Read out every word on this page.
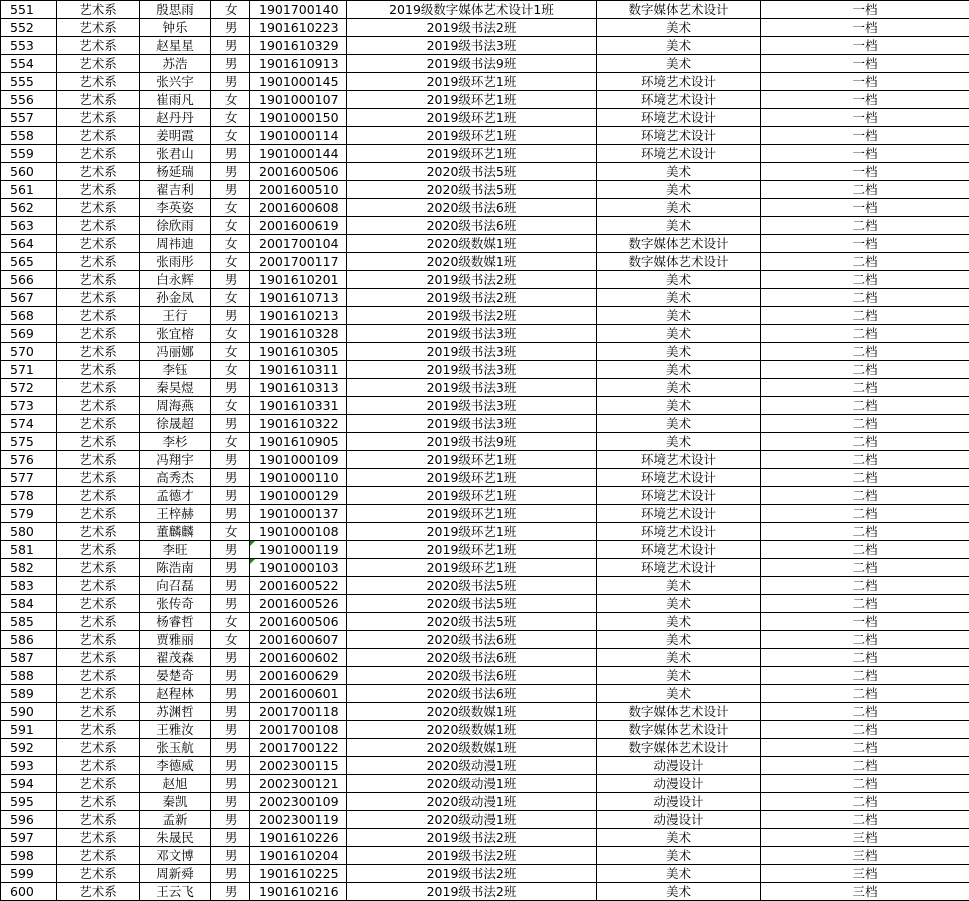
551	艺术系	殷思雨	女	1901700140	2019级数字媒体艺术设计1班	数字媒体艺术设计	一档
552	艺术系	钟乐	男	1901610223	2019级书法2班	美术	一档
553	艺术系	赵星星	男	1901610329	2019级书法3班	美术	一档
554	艺术系	苏浩	男	1901610913	2019级书法9班	美术	一档
555	艺术系	张兴宇	男	1901000145	2019级环艺1班	环境艺术设计	一档
556	艺术系	崔雨凡	女	1901000107	2019级环艺1班	环境艺术设计	一档
557	艺术系	赵丹丹	女	1901000150	2019级环艺1班	环境艺术设计	一档
558	艺术系	姜明霞	女	1901000114	2019级环艺1班	环境艺术设计	一档
559	艺术系	张君山	男	1901000144	2019级环艺1班	环境艺术设计	一档
560	艺术系	杨延瑞	男	2001600506	2020级书法5班	美术	一档
561	艺术系	翟吉利	男	2001600510	2020级书法5班	美术	二档
562	艺术系	李英姿	女	2001600608	2020级书法6班	美术	一档
563	艺术系	徐欣雨	女	2001600619	2020级书法6班	美术	二档
564	艺术系	周祎迪	女	2001700104	2020级数媒1班	数字媒体艺术设计	一档
565	艺术系	张雨彤	女	2001700117	2020级数媒1班	数字媒体艺术设计	二档
566	艺术系	白永辉	男	1901610201	2019级书法2班	美术	二档
567	艺术系	孙金凤	女	1901610713	2019级书法2班	美术	二档
568	艺术系	王行	男	1901610213	2019级书法2班	美术	二档
569	艺术系	张宜榕	女	1901610328	2019级书法3班	美术	二档
570	艺术系	冯丽娜	女	1901610305	2019级书法3班	美术	二档
571	艺术系	李钰	女	1901610311	2019级书法3班	美术	二档
572	艺术系	秦昊煜	男	1901610313	2019级书法3班	美术	二档
573	艺术系	周海燕	女	1901610331	2019级书法3班	美术	二档
574	艺术系	徐晟超	男	1901610322	2019级书法3班	美术	二档
575	艺术系	李杉	女	1901610905	2019级书法9班	美术	二档
576	艺术系	冯翔宇	男	1901000109	2019级环艺1班	环境艺术设计	二档
577	艺术系	高秀杰	男	1901000110	2019级环艺1班	环境艺术设计	二档
578	艺术系	孟德才	男	1901000129	2019级环艺1班	环境艺术设计	二档
579	艺术系	王梓赫	男	1901000137	2019级环艺1班	环境艺术设计	二档
580	艺术系	董麟麟	女	1901000108	2019级环艺1班	环境艺术设计	二档
581	艺术系	李旺	男	1901000119	2019级环艺1班	环境艺术设计	二档
582	艺术系	陈浩南	男	1901000103	2019级环艺1班	环境艺术设计	二档
583	艺术系	向召磊	男	2001600522	2020级书法5班	美术	二档
584	艺术系	张传奇	男	2001600526	2020级书法5班	美术	二档
585	艺术系	杨睿哲	女	2001600506	2020级书法5班	美术	一档
586	艺术系	贾雅丽	女	2001600607	2020级书法6班	美术	二档
587	艺术系	翟茂森	男	2001600602	2020级书法6班	美术	二档
588	艺术系	晏楚奇	男	2001600629	2020级书法6班	美术	二档
589	艺术系	赵程林	男	2001600601	2020级书法6班	美术	二档
590	艺术系	苏渊哲	男	2001700118	2020级数媒1班	数字媒体艺术设计	二档
591	艺术系	王雅汝	男	2001700108	2020级数媒1班	数字媒体艺术设计	二档
592	艺术系	张玉航	男	2001700122	2020级数媒1班	数字媒体艺术设计	二档
593	艺术系	李德威	男	2002300115	2020级动漫1班	动漫设计	二档
594	艺术系	赵旭	男	2002300121	2020级动漫1班	动漫设计	二档
595	艺术系	秦凯	男	2002300109	2020级动漫1班	动漫设计	二档
596	艺术系	孟新	男	2002300119	2020级动漫1班	动漫设计	二档
597	艺术系	朱晟民	男	1901610226	2019级书法2班	美术	三档
598	艺术系	邓文博	男	1901610204	2019级书法2班	美术	三档
599	艺术系	周新舜	男	1901610225	2019级书法2班	美术	三档
600	艺术系	王云飞	男	1901610216	2019级书法2班	美术	三档
